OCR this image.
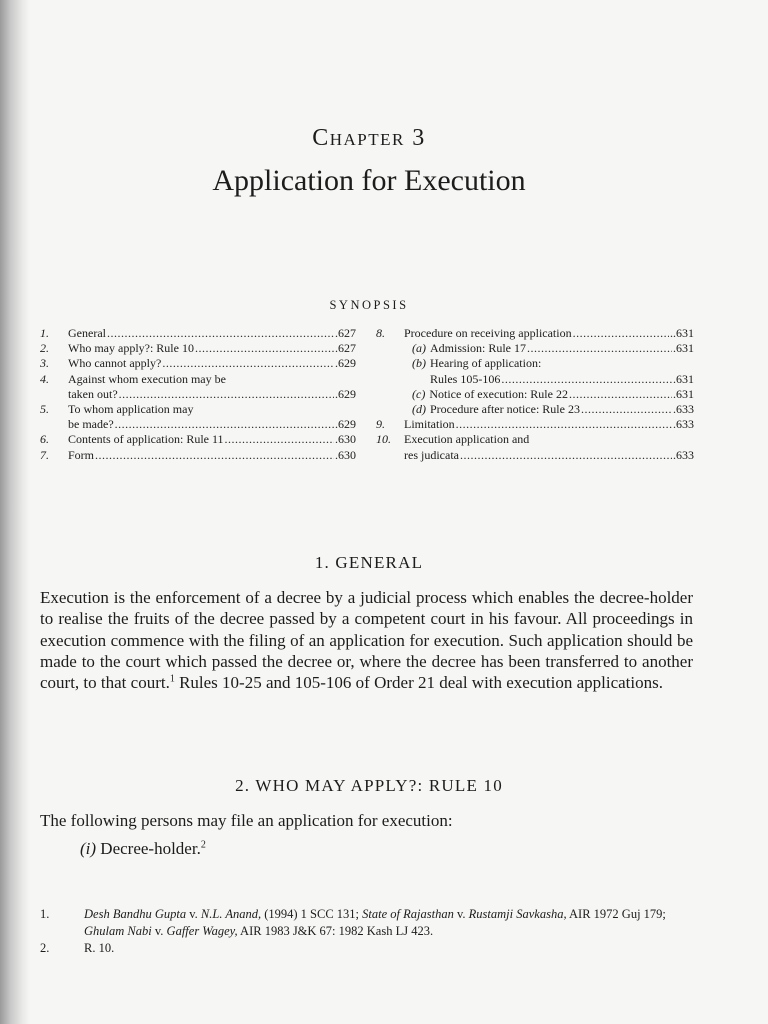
Chapter 3
Application for Execution
SYNOPSIS
1.	General .....	.627
2.	Who may apply?: Rule 10 .....	.627
3.	Who cannot apply? .....	.629
4.	Against whom execution may be
taken out? .....	.629
5.	To whom application may
be made? .....	.629
6.	Contents of application: Rule 11 .....	.630
7.	Form .....	.630
8.	Procedure on receiving application .....	..631
(a) Admission: Rule 17 .....	.631
(b) Hearing of application:
Rules 105-106 .....	.631
(c) Notice of execution: Rule 22 .....	.631
(d) Procedure after notice: Rule 23 .....	.633
9.	Limitation .....	.633
10.	Execution application and
res judicata .....	.633
1. GENERAL

Execution is the enforcement of a decree by a judicial process which enables the decree-holder to realise the fruits of the decree passed by a competent court in his favour. All proceedings in execution commence with the filing of an application for execution. Such application should be made to the court which passed the decree or, where the decree has been transferred to another court, to that court.$^1$ Rules 10-25 and 105-106 of Order 21 deal with execution applications.

2. WHO MAY APPLY?: RULE 10

The following persons may file an application for execution:

(i) Decree-holder.$^2$
1.	Desh Bandhu Gupta v. N.L. Anand, (1994) 1 SCC 131; State of Rajasthan v. Rustamji Savkasha, AIR 1972 Guj 179; Ghulam Nabi v. Gaffer Wagey, AIR 1983 J&K 67: 1982 Kash LJ 423.
2.	R. 10.
